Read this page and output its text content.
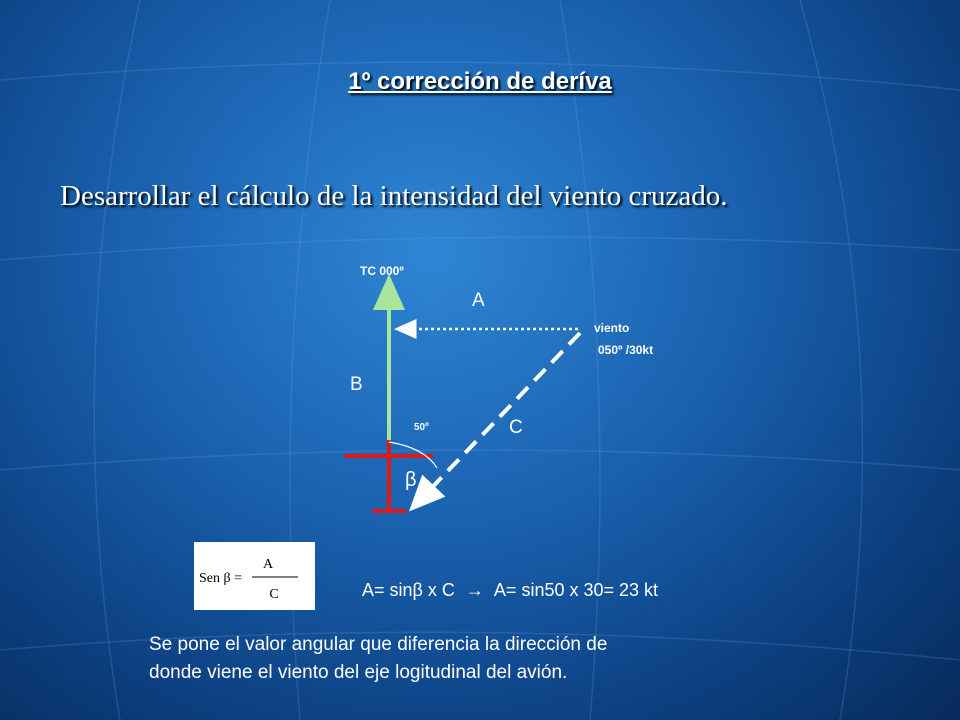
1º corrección de deríva
Desarrollar el cálculo de la intensidad del viento cruzado.
TC 000º
A
B
C
viento
050º /30kt
50º
β
Sen β =
A
C	A= sinβ x C → A= sin50 x 30= 23 kt
Se pone el valor angular que diferencia la dirección de
donde viene el viento del eje logitudinal del avión.
